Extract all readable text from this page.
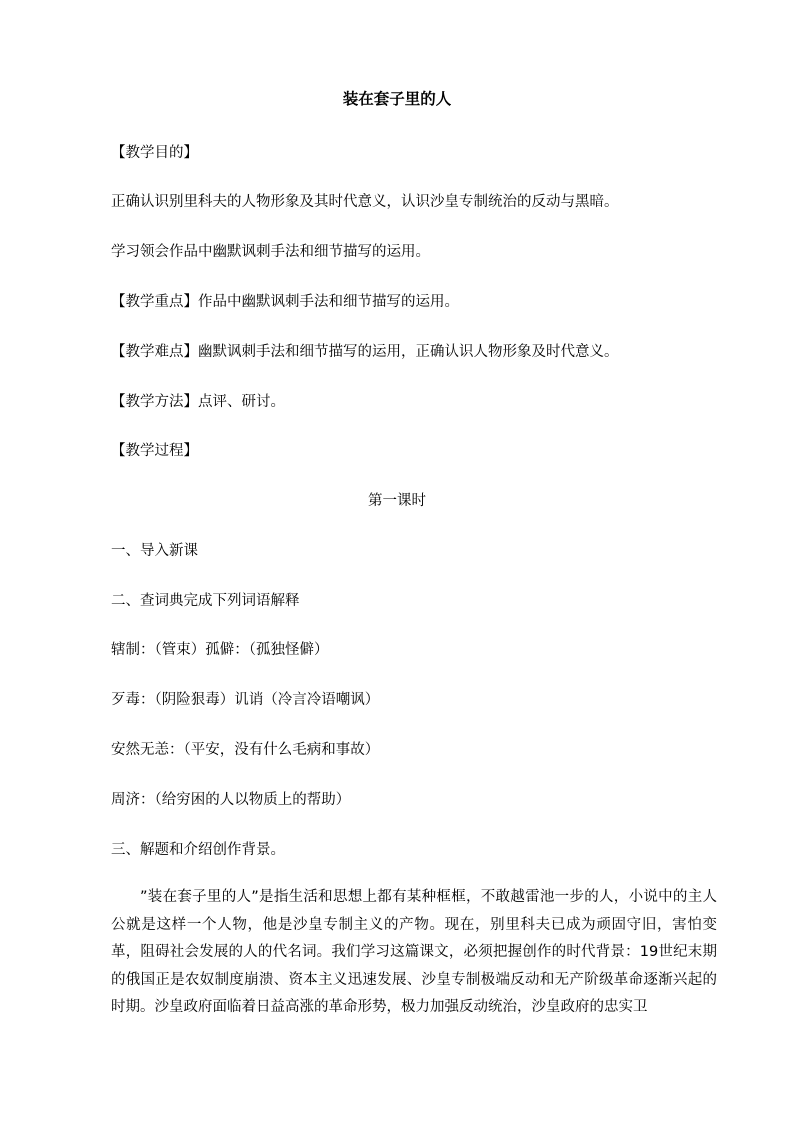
装在套子里的人
【教学目的】
正确认识别里科夫的人物形象及其时代意义，认识沙皇专制统治的反动与黑暗。
学习领会作品中幽默讽刺手法和细节描写的运用。
【教学重点】作品中幽默讽刺手法和细节描写的运用。
【教学难点】幽默讽刺手法和细节描写的运用，正确认识人物形象及时代意义。
【教学方法】点评、研讨。
【教学过程】
第一课时
一、导入新课
二、查词典完成下列词语解释
辖制：（管束）孤僻：（孤独怪僻）
歹毒：（阴险狠毒）讥诮（冷言冷语嘲讽）
安然无恙：（平安，没有什么毛病和事故）
周济：（给穷困的人以物质上的帮助）
三、解题和介绍创作背景。
”装在套子里的人”是指生活和思想上都有某种框框，不敢越雷池一步的人，小说中的主人公就是这样一个人物，他是沙皇专制主义的产物。现在，别里科夫已成为顽固守旧，害怕变革，阻碍社会发展的人的代名词。我们学习这篇课文，必须把握创作的时代背景：19世纪末期的俄国正是农奴制度崩溃、资本主义迅速发展、沙皇专制极端反动和无产阶级革命逐渐兴起的时期。沙皇政府面临着日益高涨的革命形势，极力加强反动统治，沙皇政府的忠实卫
